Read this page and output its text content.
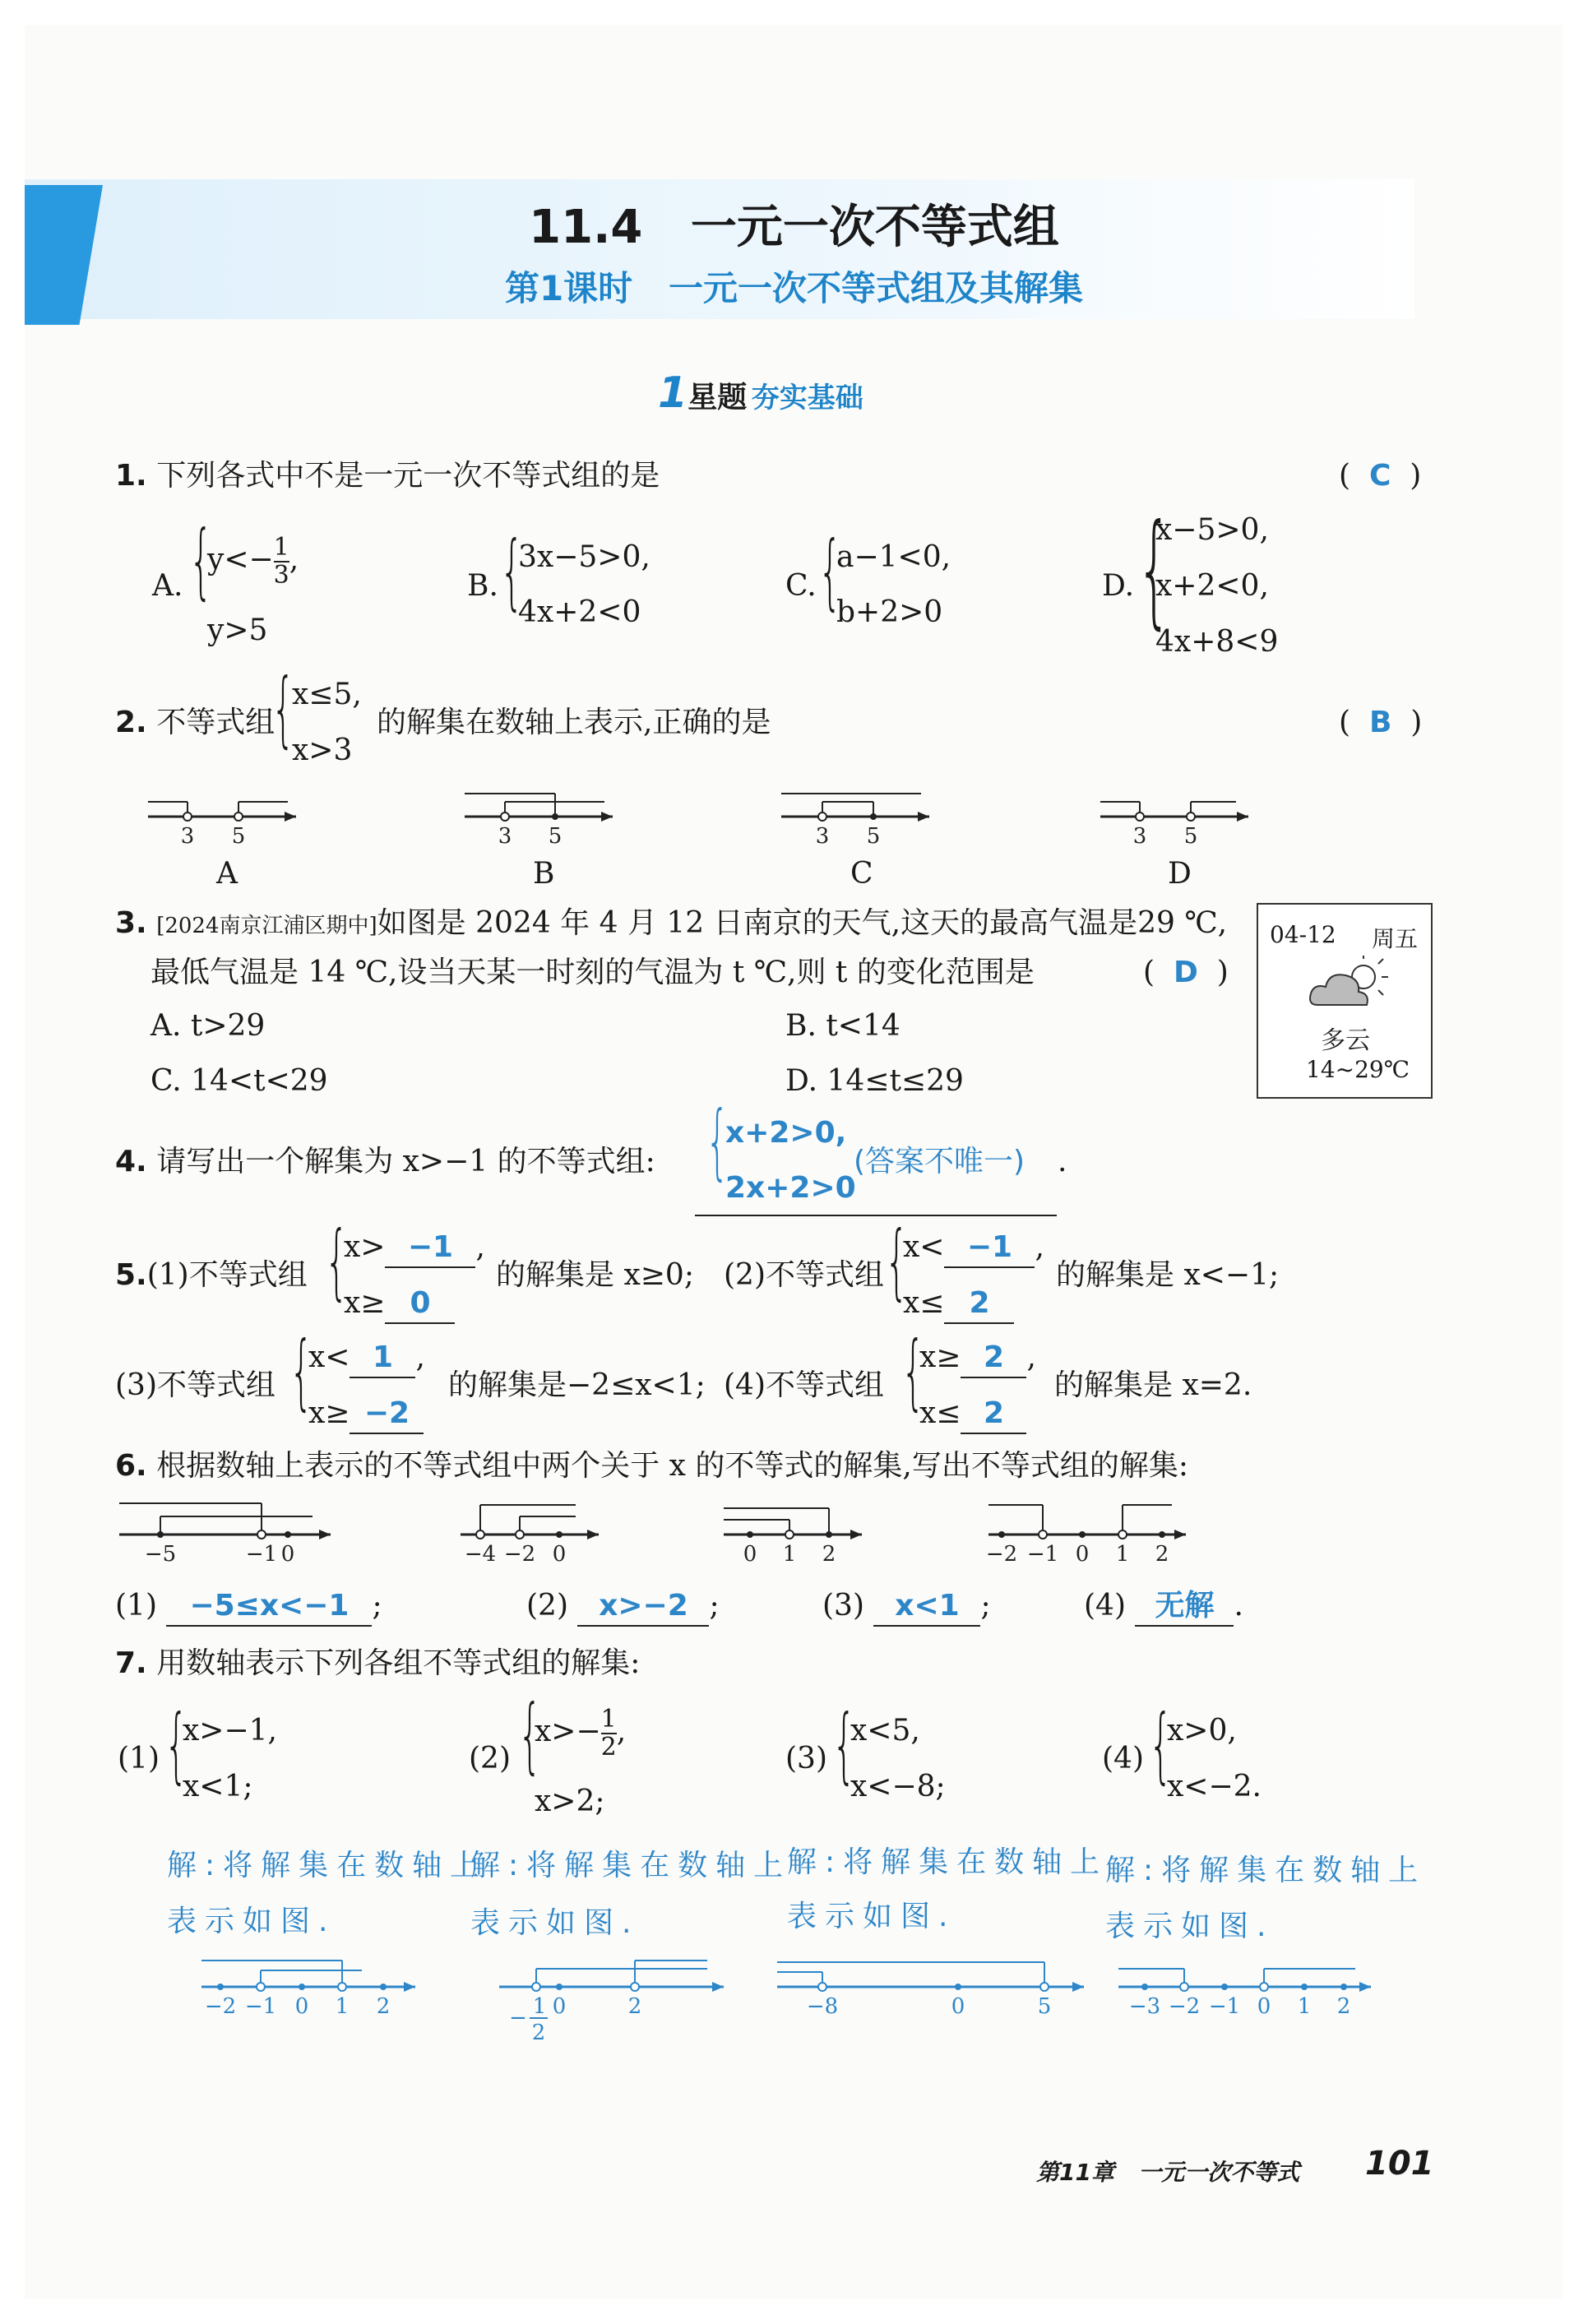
11.4 一元一次不等式组
第1课时 一元一次不等式组及其解集
1星题 夯实基础
1. 下列各式中不是一元一次不等式组的是	(  C  )
A. {
$y<- \frac{1}{3}$ ,
y>5
B. {
3x−5>0,
4x+2<0
C. {
a−1<0,
b+2>0
D. {
x−5>0,
x+2<0,
4x+8<9
2. 不等式组
{
x≤5,
x>3
的解集在数轴上表示,正确的是	(  B  )
3 5	3 5	3 5	3 5
A	B	C	D
3. [2024南京江浦区期中]如图是 2024 年 4 月 12 日南京的天气,这天的最高气温是29 ℃,
最低气温是 14 ℃,设当天某一时刻的气温为 t ℃,则 t 的变化范围是	(  D  )
A. t>29	B. t<14
C. 14<t<29	D. 14≤t≤29
04-12 周五
多云
14~29℃
4. 请写出一个解集为 x>−1 的不等式组: {
x+2>0,
2x+2>0
(答案不唯一) .
5.(1)不等式组 {
x> −1 ,
x≥ 0
的解集是 x≥0; (2)不等式组 {
x< −1 ,
x≤ 2
的解集是 x<−1;
(3)不等式组 {
x< 1 ,
x≥ −2
的解集是−2≤x<1; (4)不等式组 {
x≥ 2 ,
x≤ 2
的解集是 x=2.
6. 根据数轴上表示的不等式组中两个关于 x 的不等式的解集,写出不等式组的解集:
−5	−1 0	−4 −2 0	0 1 2	−2 −1 0 1 2
(1) −5≤x<−1 ;	(2) x>−2 ;	(3) x<1 ;	(4) 无解 .
7. 用数轴表示下列各组不等式组的解集:
(1) {
x>−1,
x<1;
(2) {
$x>- \frac{1}{2}$ ,
x>2;
(3) {
x<5,
x<−8;
(4) {
x>0,
x<−2.
解:将解集在数轴上
表示如图.
解:将解集在数轴上
表示如图.
解:将解集在数轴上
表示如图.
解:将解集在数轴上
表示如图.
−2 −1 0 1 2	2
1 0
−
2
−8	0	5	−3 −2 −1 0 1 2
第11章 一元一次不等式 101
